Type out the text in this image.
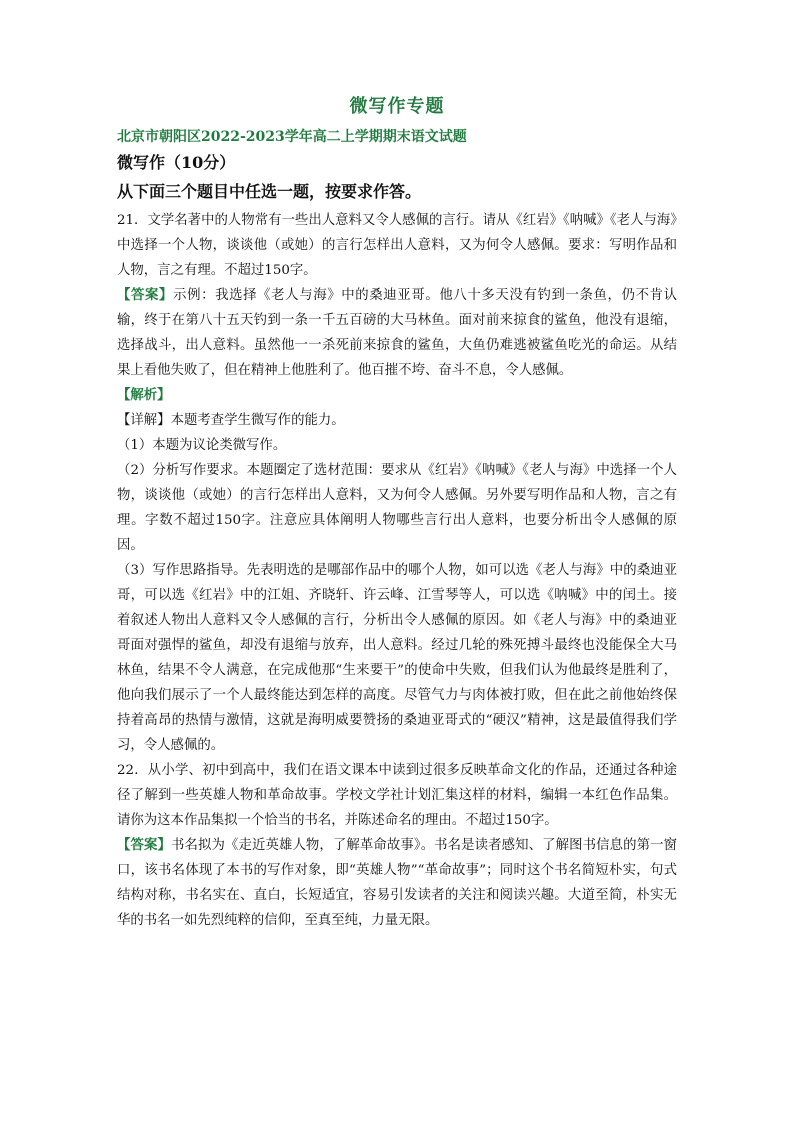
微写作专题
北京市朝阳区2022-2023学年高二上学期期末语文试题
微写作（10分）
从下面三个题目中任选一题，按要求作答。

21．文学名著中的人物常有一些出人意料又令人感佩的言行。请从《红岩》《呐喊》《老人与海》中选择一个人物，谈谈他（或她）的言行怎样出人意料，又为何令人感佩。要求：写明作品和人物，言之有理。不超过150字。

【答案】示例：我选择《老人与海》中的桑迪亚哥。他八十多天没有钓到一条鱼，仍不肯认输，终于在第八十五天钓到一条一千五百磅的大马林鱼。面对前来掠食的鲨鱼，他没有退缩，选择战斗，出人意料。虽然他一一杀死前来掠食的鲨鱼，大鱼仍难逃被鲨鱼吃光的命运。从结果上看他失败了，但在精神上他胜利了。他百摧不垮、奋斗不息，令人感佩。

【解析】

【详解】本题考查学生微写作的能力。

（1）本题为议论类微写作。

（2）分析写作要求。本题圈定了选材范围：要求从《红岩》《呐喊》《老人与海》中选择一个人物，谈谈他（或她）的言行怎样出人意料，又为何令人感佩。另外要写明作品和人物，言之有理。字数不超过150字。注意应具体阐明人物哪些言行出人意料，也要分析出令人感佩的原因。

（3）写作思路指导。先表明选的是哪部作品中的哪个人物，如可以选《老人与海》中的桑迪亚哥，可以选《红岩》中的江姐、齐晓轩、许云峰、江雪琴等人，可以选《呐喊》中的闰土。接着叙述人物出人意料又令人感佩的言行，分析出令人感佩的原因。如《老人与海》中的桑迪亚哥面对强悍的鲨鱼，却没有退缩与放弃，出人意料。经过几轮的殊死搏斗最终也没能保全大马林鱼，结果不令人满意，在完成他那“生来要干”的使命中失败，但我们认为他最终是胜利了，他向我们展示了一个人最终能达到怎样的高度。尽管气力与肉体被打败，但在此之前他始终保持着高昂的热情与激情，这就是海明威要赞扬的桑迪亚哥式的“硬汉”精神，这是最值得我们学习，令人感佩的。

22．从小学、初中到高中，我们在语文课本中读到过很多反映革命文化的作品，还通过各种途径了解到一些英雄人物和革命故事。学校文学社计划汇集这样的材料，编辑一本红色作品集。请你为这本作品集拟一个恰当的书名，并陈述命名的理由。不超过150字。

【答案】书名拟为《走近英雄人物，了解革命故事》。书名是读者感知、了解图书信息的第一窗口，该书名体现了本书的写作对象，即“英雄人物”“革命故事”；同时这个书名简短朴实，句式结构对称，书名实在、直白，长短适宜，容易引发读者的关注和阅读兴趣。大道至简，朴实无华的书名一如先烈纯粹的信仰，至真至纯，力量无限。
